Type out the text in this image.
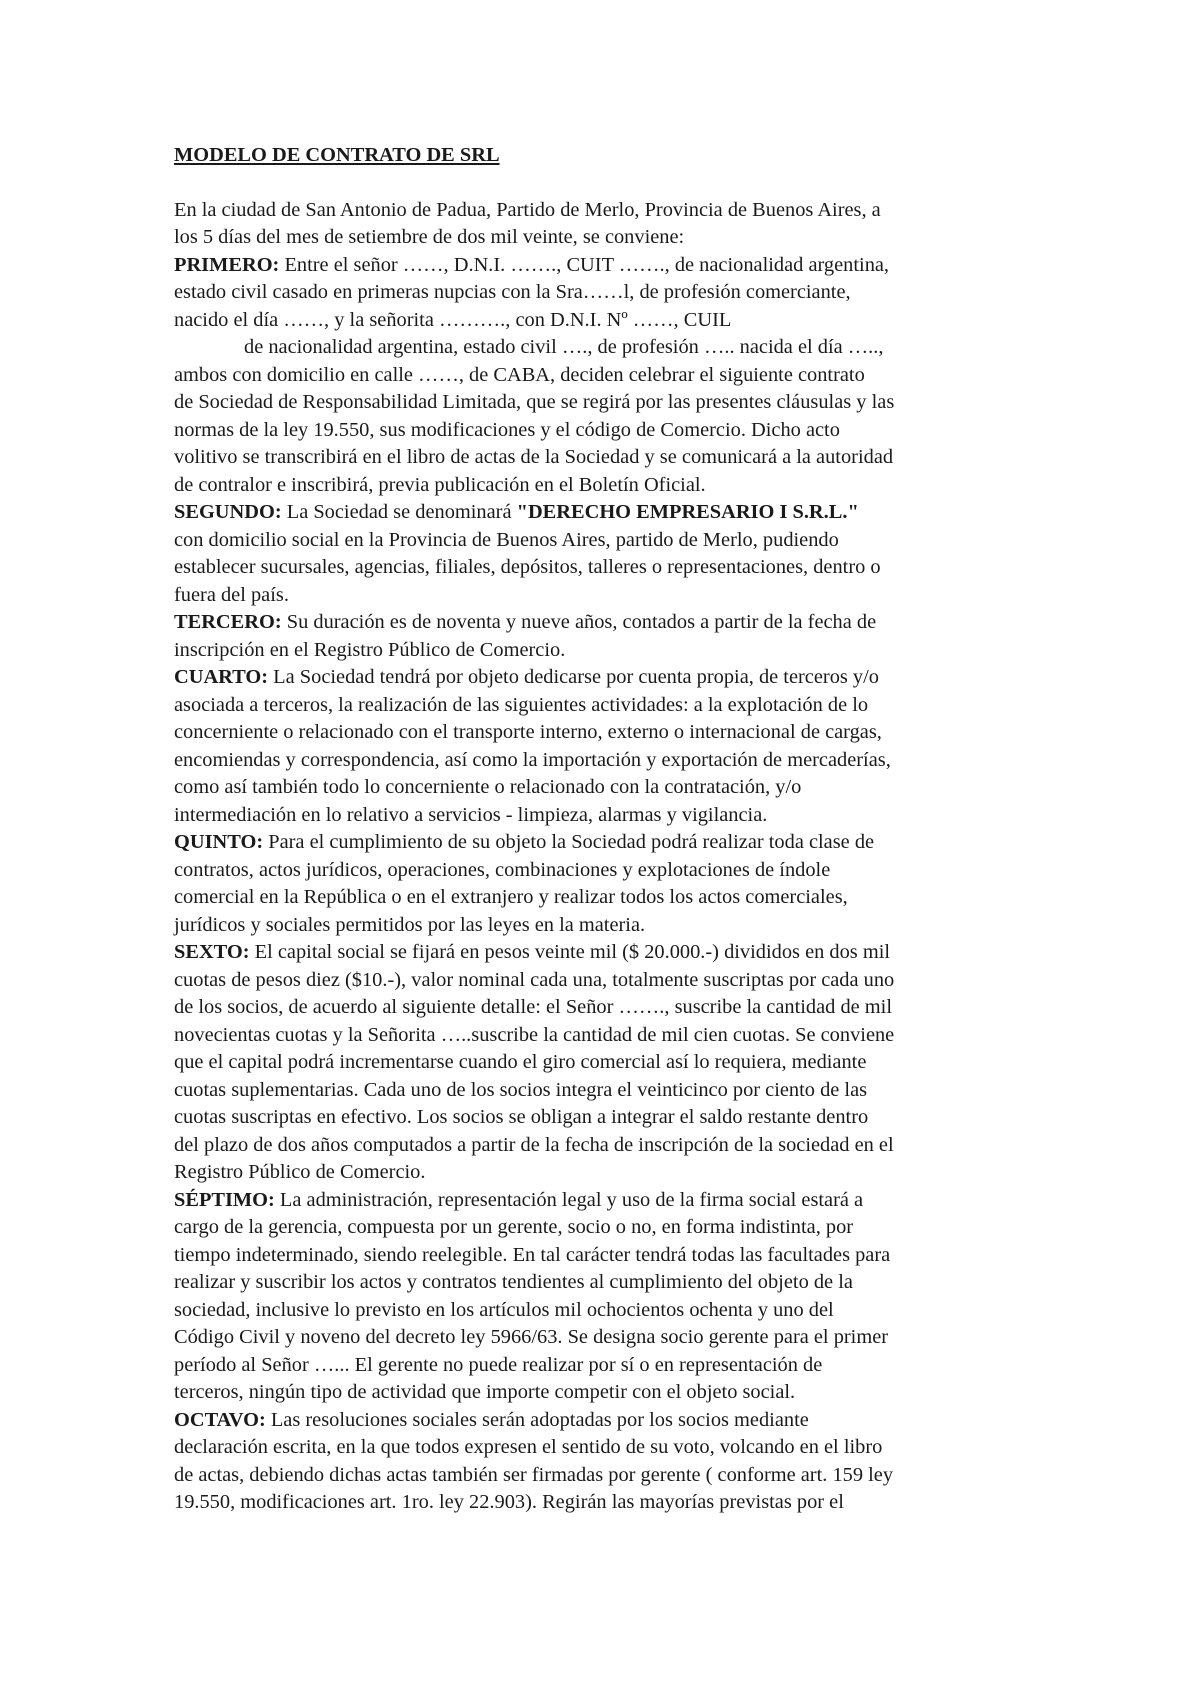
MODELO DE CONTRATO DE SRL
En la ciudad de San Antonio de Padua, Partido de Merlo, Provincia de Buenos Aires, a
los 5 días del mes de setiembre de dos mil veinte, se conviene:
PRIMERO: Entre el señor ……, D.N.I. ……., CUIT ……., de nacionalidad argentina,
estado civil casado en primeras nupcias con la Sra……l, de profesión comerciante,
nacido el día ……, y la señorita ………., con D.N.I. Nº ……, CUIL
de nacionalidad argentina, estado civil …., de profesión ….. nacida el día …..,
ambos con domicilio en calle ……, de CABA, deciden celebrar el siguiente contrato
de Sociedad de Responsabilidad Limitada, que se regirá por las presentes cláusulas y las
normas de la ley 19.550, sus modificaciones y el código de Comercio. Dicho acto
volitivo se transcribirá en el libro de actas de la Sociedad y se comunicará a la autoridad
de contralor e inscribirá, previa publicación en el Boletín Oficial.
SEGUNDO: La Sociedad se denominará "DERECHO EMPRESARIO I S.R.L."
con domicilio social en la Provincia de Buenos Aires, partido de Merlo, pudiendo
establecer sucursales, agencias, filiales, depósitos, talleres o representaciones, dentro o
fuera del país.
TERCERO: Su duración es de noventa y nueve años, contados a partir de la fecha de
inscripción en el Registro Público de Comercio.
CUARTO: La Sociedad tendrá por objeto dedicarse por cuenta propia, de terceros y/o
asociada a terceros, la realización de las siguientes actividades: a la explotación de lo
concerniente o relacionado con el transporte interno, externo o internacional de cargas,
encomiendas y correspondencia, así como la importación y exportación de mercaderías,
como así también todo lo concerniente o relacionado con la contratación, y/o
intermediación en lo relativo a servicios - limpieza, alarmas y vigilancia.
QUINTO: Para el cumplimiento de su objeto la Sociedad podrá realizar toda clase de
contratos, actos jurídicos, operaciones, combinaciones y explotaciones de índole
comercial en la República o en el extranjero y realizar todos los actos comerciales,
jurídicos y sociales permitidos por las leyes en la materia.
SEXTO: El capital social se fijará en pesos veinte mil ($ 20.000.-) divididos en dos mil
cuotas de pesos diez ($10.-), valor nominal cada una, totalmente suscriptas por cada uno
de los socios, de acuerdo al siguiente detalle: el Señor ……., suscribe la cantidad de mil
novecientas cuotas y la Señorita …..suscribe la cantidad de mil cien cuotas. Se conviene
que el capital podrá incrementarse cuando el giro comercial así lo requiera, mediante
cuotas suplementarias. Cada uno de los socios integra el veinticinco por ciento de las
cuotas suscriptas en efectivo. Los socios se obligan a integrar el saldo restante dentro
del plazo de dos años computados a partir de la fecha de inscripción de la sociedad en el
Registro Público de Comercio.
SÉPTIMO: La administración, representación legal y uso de la firma social estará a
cargo de la gerencia, compuesta por un gerente, socio o no, en forma indistinta, por
tiempo indeterminado, siendo reelegible. En tal carácter tendrá todas las facultades para
realizar y suscribir los actos y contratos tendientes al cumplimiento del objeto de la
sociedad, inclusive lo previsto en los artículos mil ochocientos ochenta y uno del
Código Civil y noveno del decreto ley 5966/63. Se designa socio gerente para el primer
período al Señor …... El gerente no puede realizar por sí o en representación de
terceros, ningún tipo de actividad que importe competir con el objeto social.
OCTAVO: Las resoluciones sociales serán adoptadas por los socios mediante
declaración escrita, en la que todos expresen el sentido de su voto, volcando en el libro
de actas, debiendo dichas actas también ser firmadas por gerente ( conforme art. 159 ley
19.550, modificaciones art. 1ro. ley 22.903). Regirán las mayorías previstas por el
